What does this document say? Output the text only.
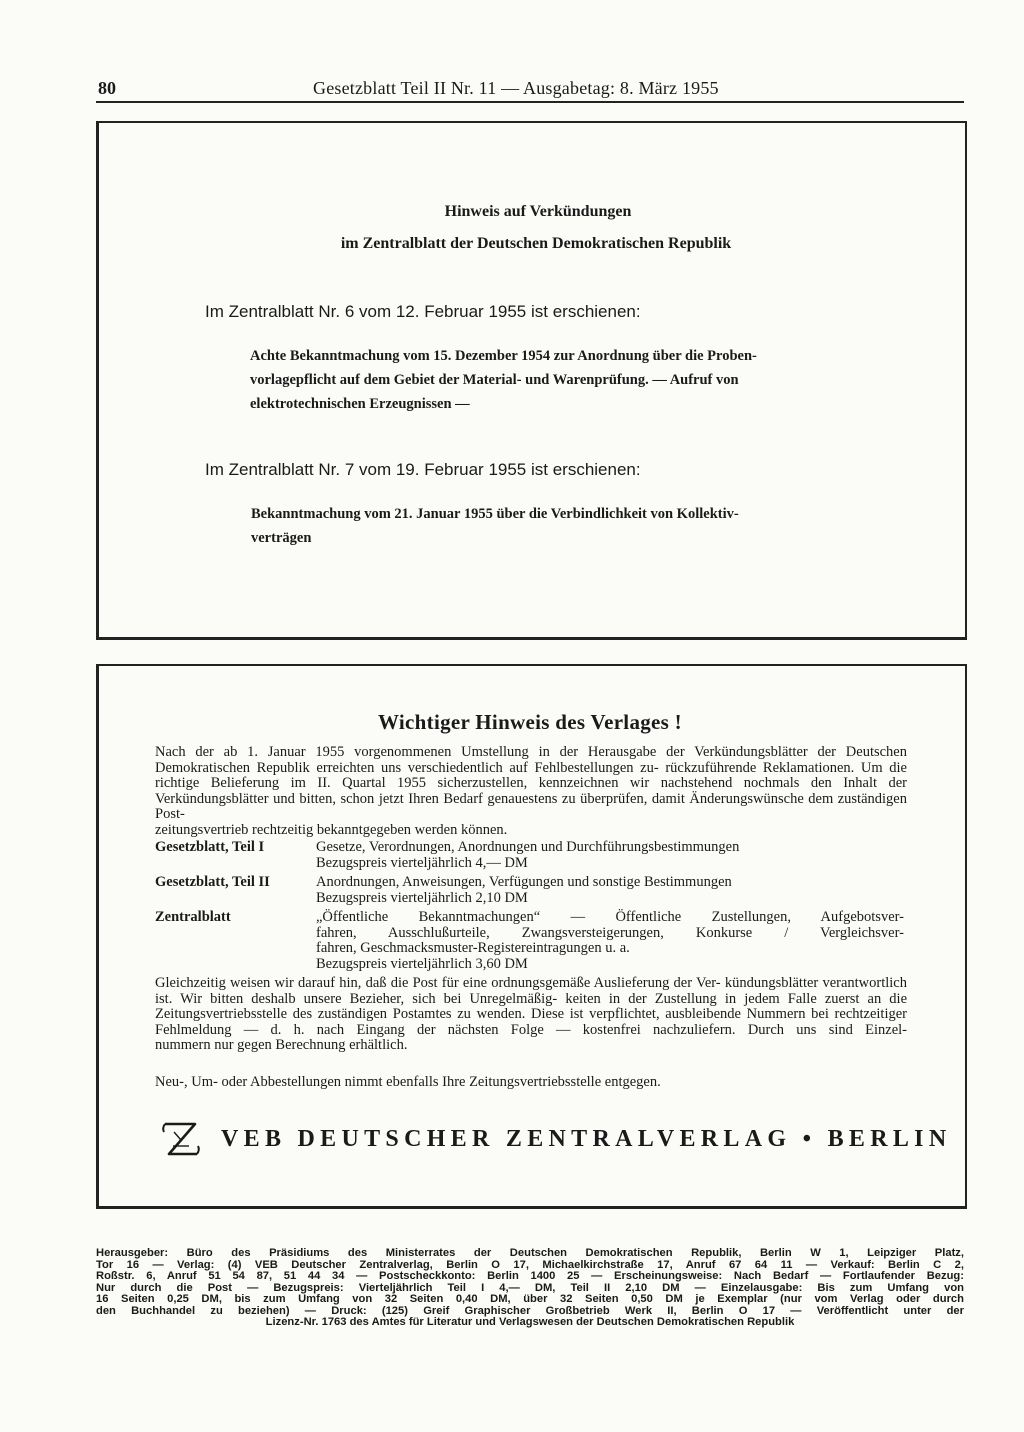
80	Gesetzblatt Teil II Nr. 11 — Ausgabetag: 8. März 1955
Hinweis auf Verkündungen
im Zentralblatt der Deutschen Demokratischen Republik
Im Zentralblatt Nr. 6 vom 12. Februar 1955 ist erschienen:
Achte Bekanntmachung vom 15. Dezember 1954 zur Anordnung über die Proben-
vorlagepflicht auf dem Gebiet der Material- und Warenprüfung. — Aufruf von
elektrotechnischen Erzeugnissen —
Im Zentralblatt Nr. 7 vom 19. Februar 1955 ist erschienen:
Bekanntmachung vom 21. Januar 1955 über die Verbindlichkeit von Kollektiv-
verträgen
Wichtiger Hinweis des Verlages !
Nach der ab 1. Januar 1955 vorgenommenen Umstellung in der Herausgabe der Verkündungsblätter der Deutschen Demokratischen Republik erreichten uns verschiedentlich auf Fehlbestellungen zu- rückzuführende Reklamationen. Um die richtige Belieferung im II. Quartal 1955 sicherzustellen, kennzeichnen wir nachstehend nochmals den Inhalt der Verkündungsblätter und bitten, schon jetzt Ihren Bedarf genauestens zu überprüfen, damit Änderungswünsche dem zuständigen Post-
zeitungsvertrieb rechtzeitig bekanntgegeben werden können.
Gesetzblatt, Teil I	Gesetze, Verordnungen, Anordnungen und Durchführungsbestimmungen
Bezugspreis vierteljährlich 4,— DM
Gesetzblatt, Teil II	Anordnungen, Anweisungen, Verfügungen und sonstige Bestimmungen
Bezugspreis vierteljährlich 2,10 DM
Zentralblatt	„Öffentliche Bekanntmachungen“ — Öffentliche Zustellungen, Aufgebotsver-
fahren, Ausschlußurteile, Zwangsversteigerungen, Konkurse / Vergleichsver-
fahren, Geschmacksmuster-Registereintragungen u. a.
Bezugspreis vierteljährlich 3,60 DM
Gleichzeitig weisen wir darauf hin, daß die Post für eine ordnungsgemäße Auslieferung der Ver- kündungsblätter verantwortlich ist. Wir bitten deshalb unsere Bezieher, sich bei Unregelmäßig- keiten in der Zustellung in jedem Falle zuerst an die Zeitungsvertriebsstelle des zuständigen Postamtes zu wenden. Diese ist verpflichtet, ausbleibende Nummern bei rechtzeitiger Fehlmeldung — d. h. nach Eingang der nächsten Folge — kostenfrei nachzuliefern. Durch uns sind Einzel-
nummern nur gegen Berechnung erhältlich.
Neu-, Um- oder Abbestellungen nimmt ebenfalls Ihre Zeitungsvertriebsstelle entgegen.
VEB DEUTSCHER ZENTRALVERLAG • BERLIN
Herausgeber: Büro des Präsidiums des Ministerrates der Deutschen Demokratischen Republik, Berlin W 1, Leipziger Platz,
Tor 16 — Verlag: (4) VEB Deutscher Zentralverlag, Berlin O 17, Michaelkirchstraße 17, Anruf 67 64 11 — Verkauf: Berlin C 2,
Roßstr. 6, Anruf 51 54 87, 51 44 34 — Postscheckkonto: Berlin 1400 25 — Erscheinungsweise: Nach Bedarf — Fortlaufender Bezug:
Nur durch die Post — Bezugspreis: Vierteljährlich Teil I 4,— DM, Teil II 2,10 DM — Einzelausgabe: Bis zum Umfang von
16 Seiten 0,25 DM, bis zum Umfang von 32 Seiten 0,40 DM, über 32 Seiten 0,50 DM je Exemplar (nur vom Verlag oder durch
den Buchhandel zu beziehen) — Druck: (125) Greif Graphischer Großbetrieb Werk II, Berlin O 17 — Veröffentlicht unter der
Lizenz-Nr. 1763 des Amtes für Literatur und Verlagswesen der Deutschen Demokratischen Republik
